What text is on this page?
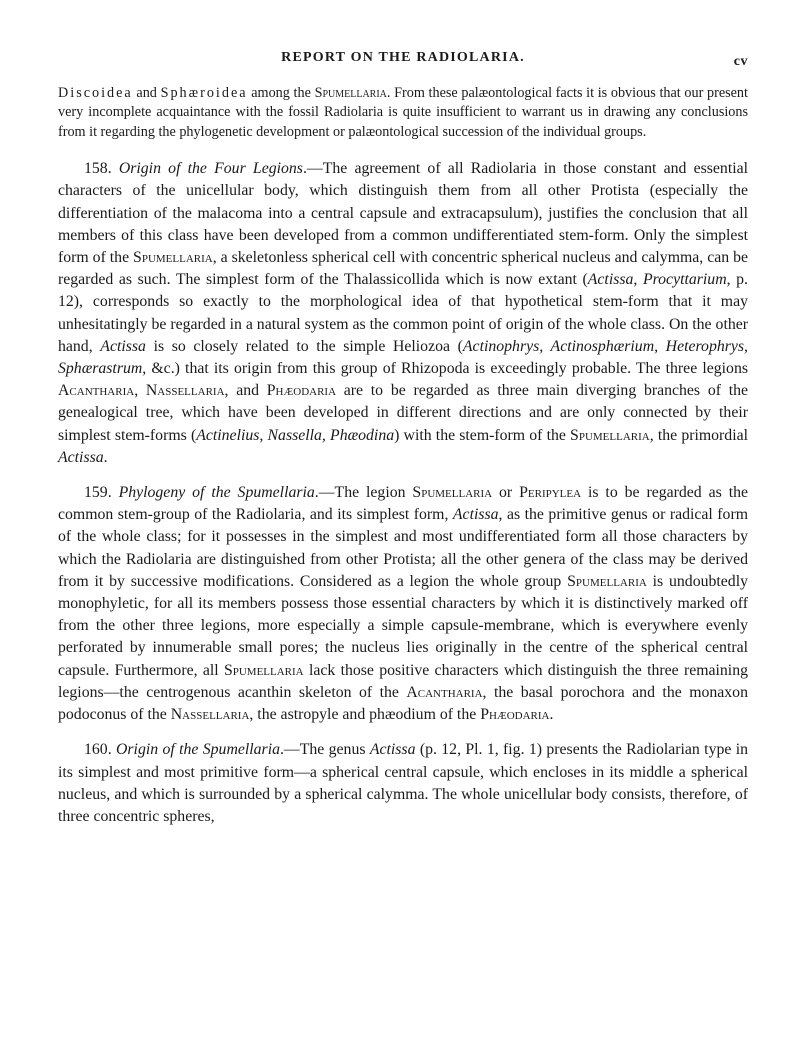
REPORT ON THE RADIOLARIA.	cv

Discoidea and Sphæroidea among the Spumellaria. From these palæontological facts it is obvious that our present very incomplete acquaintance with the fossil Radiolaria is quite insufficient to warrant us in drawing any conclusions from it regarding the phylogenetic development or palæontological succession of the individual groups.

158. Origin of the Four Legions.—The agreement of all Radiolaria in those constant and essential characters of the unicellular body, which distinguish them from all other Protista (especially the differentiation of the malacoma into a central capsule and extracapsulum), justifies the conclusion that all members of this class have been developed from a common undifferentiated stem-form. Only the simplest form of the Spumellaria, a skeletonless spherical cell with concentric spherical nucleus and calymma, can be regarded as such. The simplest form of the Thalassicollida which is now extant (Actissa, Procyttarium, p. 12), corresponds so exactly to the morphological idea of that hypothetical stem-form that it may unhesitatingly be regarded in a natural system as the common point of origin of the whole class. On the other hand, Actissa is so closely related to the simple Heliozoa (Actinophrys, Actinosphærium, Heterophrys, Sphærastrum, &c.) that its origin from this group of Rhizopoda is exceedingly probable. The three legions Acantharia, Nassellaria, and Phæodaria are to be regarded as three main diverging branches of the genealogical tree, which have been developed in different directions and are only connected by their simplest stem-forms (Actinelius, Nassella, Phæodina) with the stem-form of the Spumellaria, the primordial Actissa.

159. Phylogeny of the Spumellaria.—The legion Spumellaria or Peripylea is to be regarded as the common stem-group of the Radiolaria, and its simplest form, Actissa, as the primitive genus or radical form of the whole class; for it possesses in the simplest and most undifferentiated form all those characters by which the Radiolaria are distinguished from other Protista; all the other genera of the class may be derived from it by successive modifications. Considered as a legion the whole group Spumellaria is undoubtedly monophyletic, for all its members possess those essential characters by which it is distinctively marked off from the other three legions, more especially a simple capsule-membrane, which is everywhere evenly perforated by innumerable small pores; the nucleus lies originally in the centre of the spherical central capsule. Furthermore, all Spumellaria lack those positive characters which distinguish the three remaining legions—the centrogenous acanthin skeleton of the Acantharia, the basal porochora and the monaxon podoconus of the Nassellaria, the astropyle and phæodium of the Phæodaria.

160. Origin of the Spumellaria.—The genus Actissa (p. 12, Pl. 1, fig. 1) presents the Radiolarian type in its simplest and most primitive form—a spherical central capsule, which encloses in its middle a spherical nucleus, and which is surrounded by a spherical calymma. The whole unicellular body consists, therefore, of three concentric spheres,
